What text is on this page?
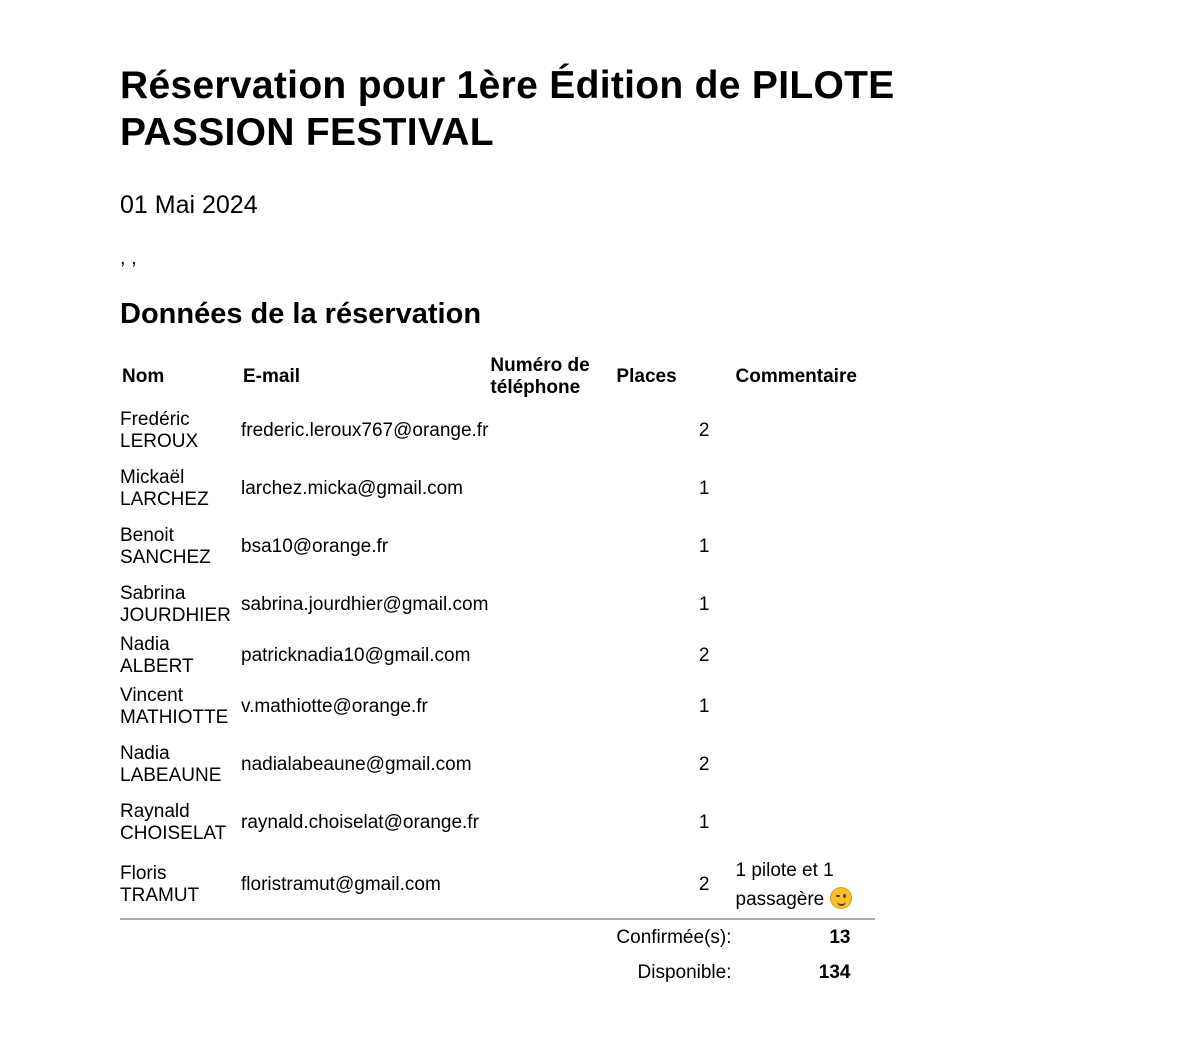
Réservation pour 1ère Édition de PILOTE PASSION FESTIVAL
01 Mai 2024
, ,
Données de la réservation
Nom	E-mail	Numéro de téléphone	Places	Commentaire
Fredéric LEROUX	frederic.leroux767@orange.fr		2	
Mickaël LARCHEZ	larchez.micka@gmail.com		1	
Benoit SANCHEZ	bsa10@orange.fr		1	
Sabrina JOURDHIER	sabrina.jourdhier@gmail.com		1	
Nadia ALBERT	patricknadia10@gmail.com		2	
Vincent MATHIOTTE	v.mathiotte@orange.fr		1	
Nadia LABEAUNE	nadialabeaune@gmail.com		2	
Raynald CHOISELAT	raynald.choiselat@orange.fr		1	
Floris TRAMUT	floristramut@gmail.com		2	1 pilote et 1 passagère

			Confirmée(s):	13
			Disponible:	134
